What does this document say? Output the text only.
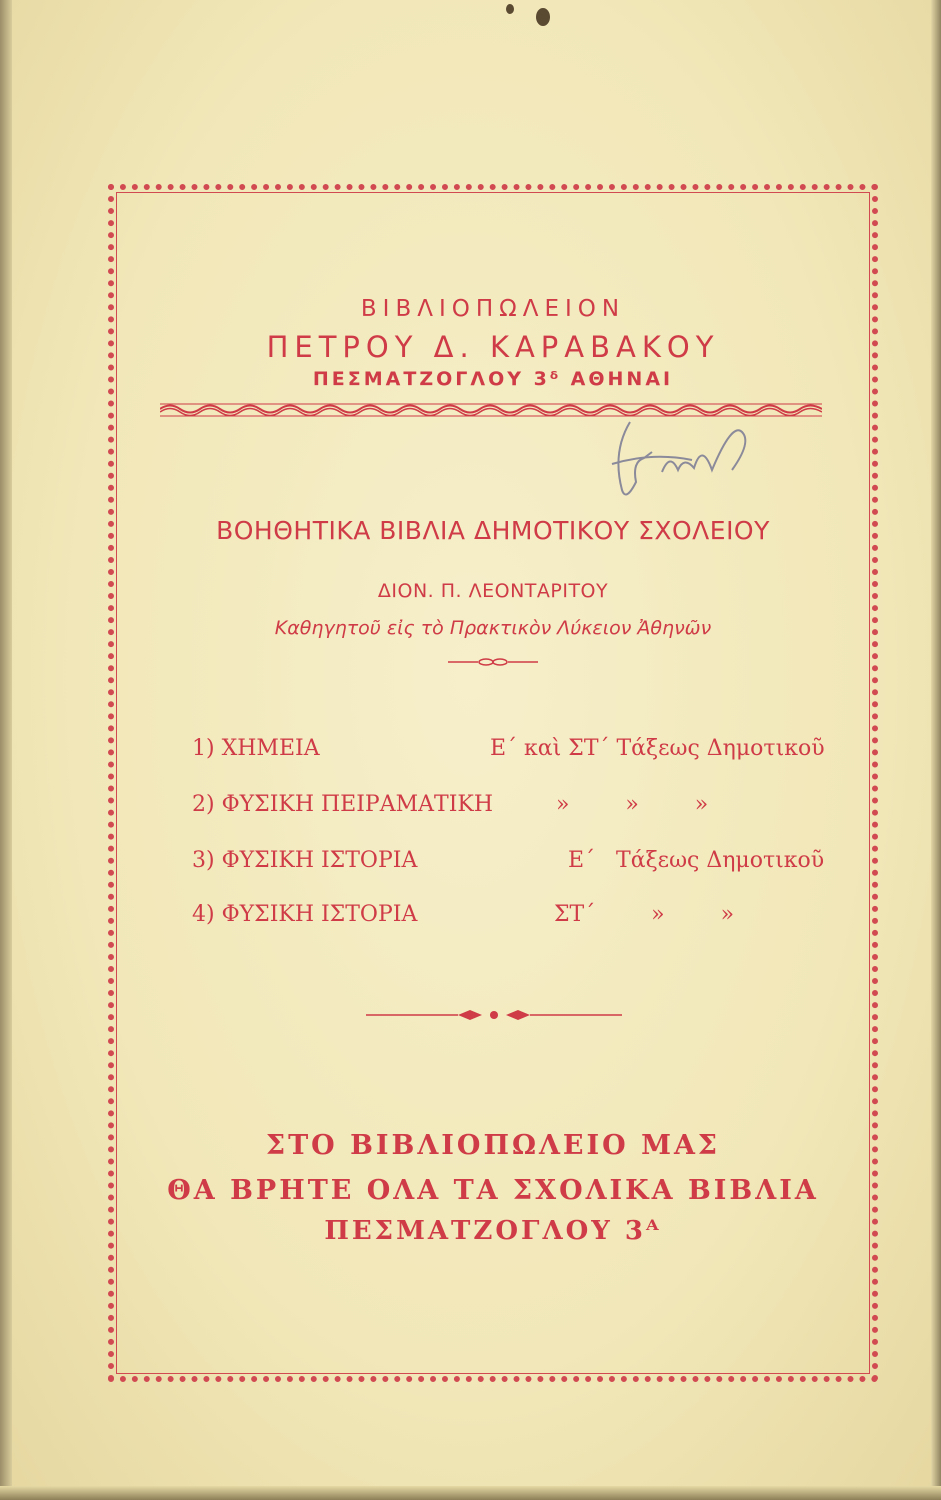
ΒΙΒΛΙΟΠΩΛΕΙΟΝ
ΠΕΤΡΟΥ Δ. ΚΑΡΑΒΑΚΟΥ
ΠΕΣΜΑΤΖΟΓΛΟΥ 3ᵟ ΑΘΗΝΑΙ
Φρίδα
ΒΟΗΘΗΤΙΚΑ ΒΙΒΛΙΑ ΔΗΜΟΤΙΚΟΥ ΣΧΟΛΕΙΟΥ
ΔΙΟΝ. Π. ΛΕΟΝΤΑΡΙΤΟΥ
Καθηγητοῦ εἰς τὸ Πρακτικὸν Λύκειον Ἀθηνῶν
1) ΧΗΜΕΙΑ	Ε΄ καὶ ΣΤ΄ Τάξεως Δημοτικοῦ
2) ΦΥΣΙΚΗ ΠΕΙΡΑΜΑΤΙΚΗ	»        »        »
3) ΦΥΣΙΚΗ ΙΣΤΟΡΙΑ	Ε΄   Τάξεως Δημοτικοῦ
4) ΦΥΣΙΚΗ ΙΣΤΟΡΙΑ	ΣΤ΄        »        »
ΣΤΟ ΒΙΒΛΙΟΠΩΛΕΙΟ ΜΑΣ
ΘΑ ΒΡΗΤΕ ΟΛΑ ΤΑ ΣΧΟΛΙΚΑ ΒΙΒΛΙΑ
ΠΕΣΜΑΤΖΟΓΛΟΥ 3ᴬ
